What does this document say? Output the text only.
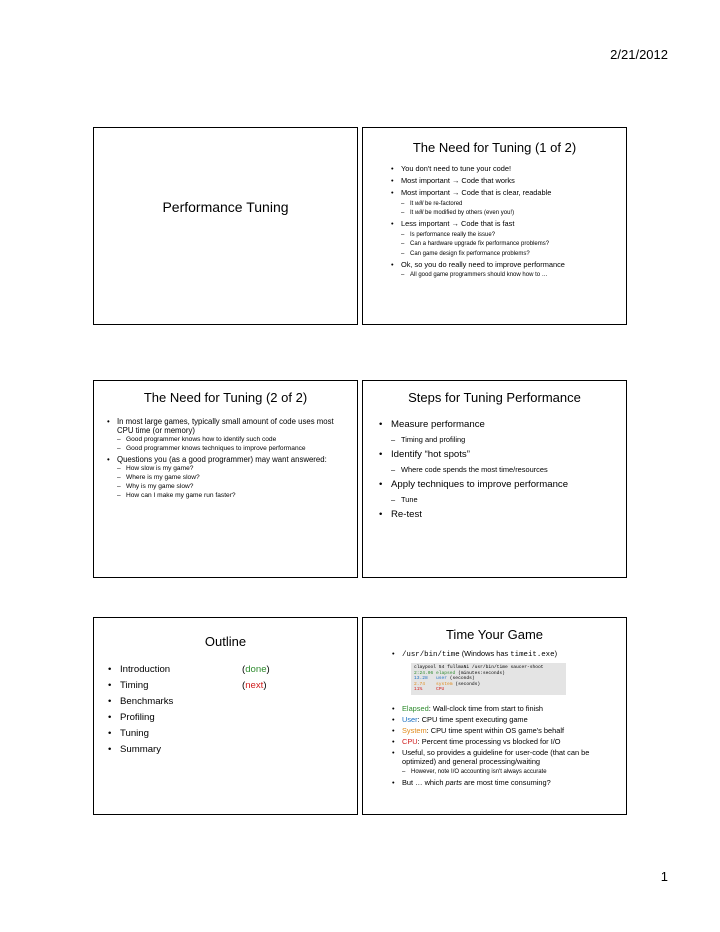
2/21/2012
Performance Tuning
The Need for Tuning (1 of 2)
• You don't need to tune your code!
• Most important → Code that works
• Most important → Code that is clear, readable
– It will be re-factored
– It will be modified by others (even you!)
• Less important → Code that is fast
– Is performance really the issue?
– Can a hardware upgrade fix performance problems?
– Can game design fix performance problems?
• Ok, so you do really need to improve performance
– All good game programmers should know how to …
The Need for Tuning (2 of 2)
• In most large games, typically small amount of code uses most CPU time (or memory)
– Good programmer knows how to identify such code
– Good programmer knows techniques to improve performance
• Questions you (as a good programmer) may want answered:
– How slow is my game?
– Where is my game slow?
– Why is my game slow?
– How can I make my game run faster?
Steps for Tuning Performance
• Measure performance
– Timing and profiling
• Identify “hot spots”
– Where code spends the most time/resources
• Apply techniques to improve performance
– Tune
• Re-test
Outline
• Introduction	(done)
• Timing	(next)
• Benchmarks
• Profiling
• Tuning
• Summary
Time Your Game
• /usr/bin/time (Windows has timeit.exe)
claypool 54 fullmaNi /usr/bin/time saucer-shoot
2:24.06 elapsed (minutes:seconds)
13.28 user (seconds)
2.74 system (seconds)
11%	CPU
• Elapsed: Wall-clock time from start to finish
• User: CPU time spent executing game
• System: CPU time spent within OS game's behalf
• CPU: Percent time processing vs blocked for I/O
• Useful, so provides a guideline for user-code (that can be optimized) and general processing/waiting
– However, note I/O accounting isn't always accurate
• But … which parts are most time consuming?
1
